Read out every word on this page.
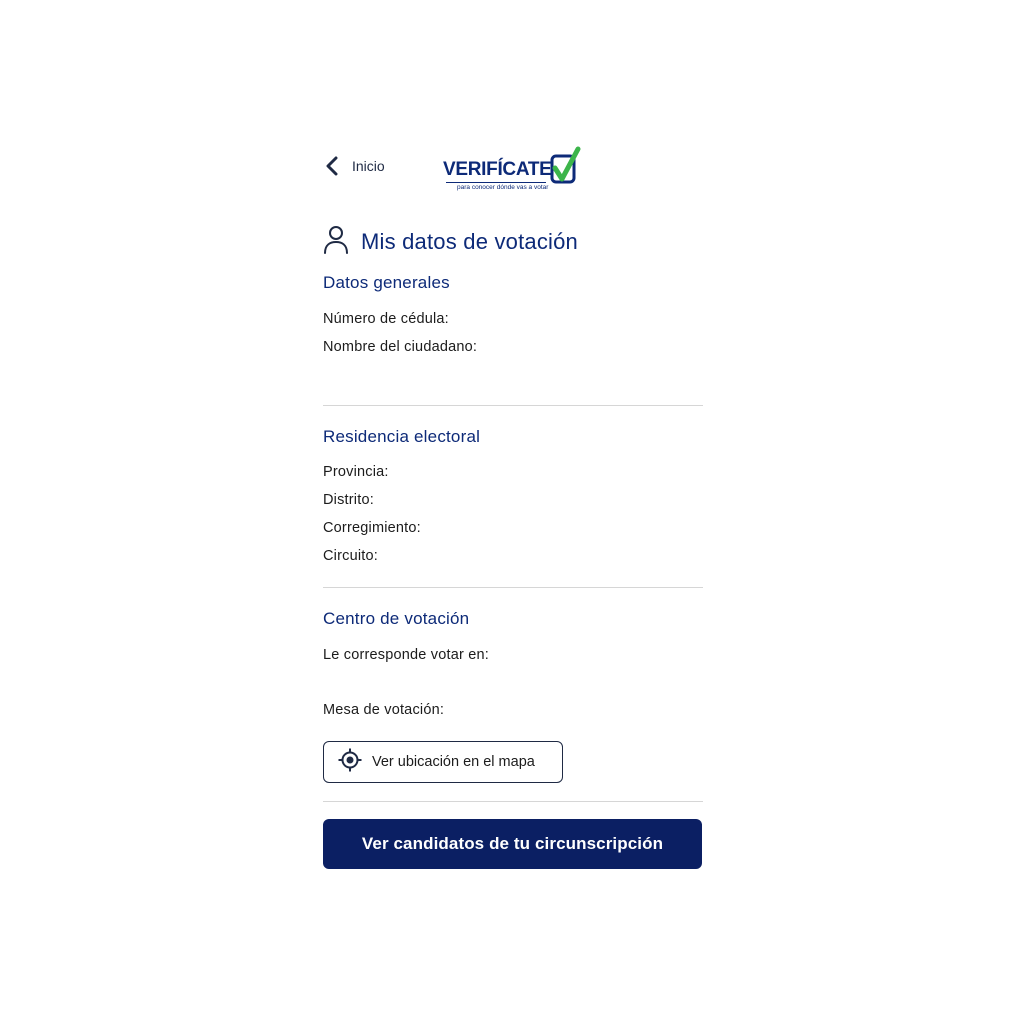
Inicio	VERIFÍCATE
para conocer dónde vas a votar
Mis datos de votación
Datos generales
Número de cédula:
Nombre del ciudadano:
Residencia electoral
Provincia:
Distrito:
Corregimiento:
Circuito:
Centro de votación
Le corresponde votar en:
Mesa de votación:
Ver ubicación en el mapa
Ver candidatos de tu circunscripción
